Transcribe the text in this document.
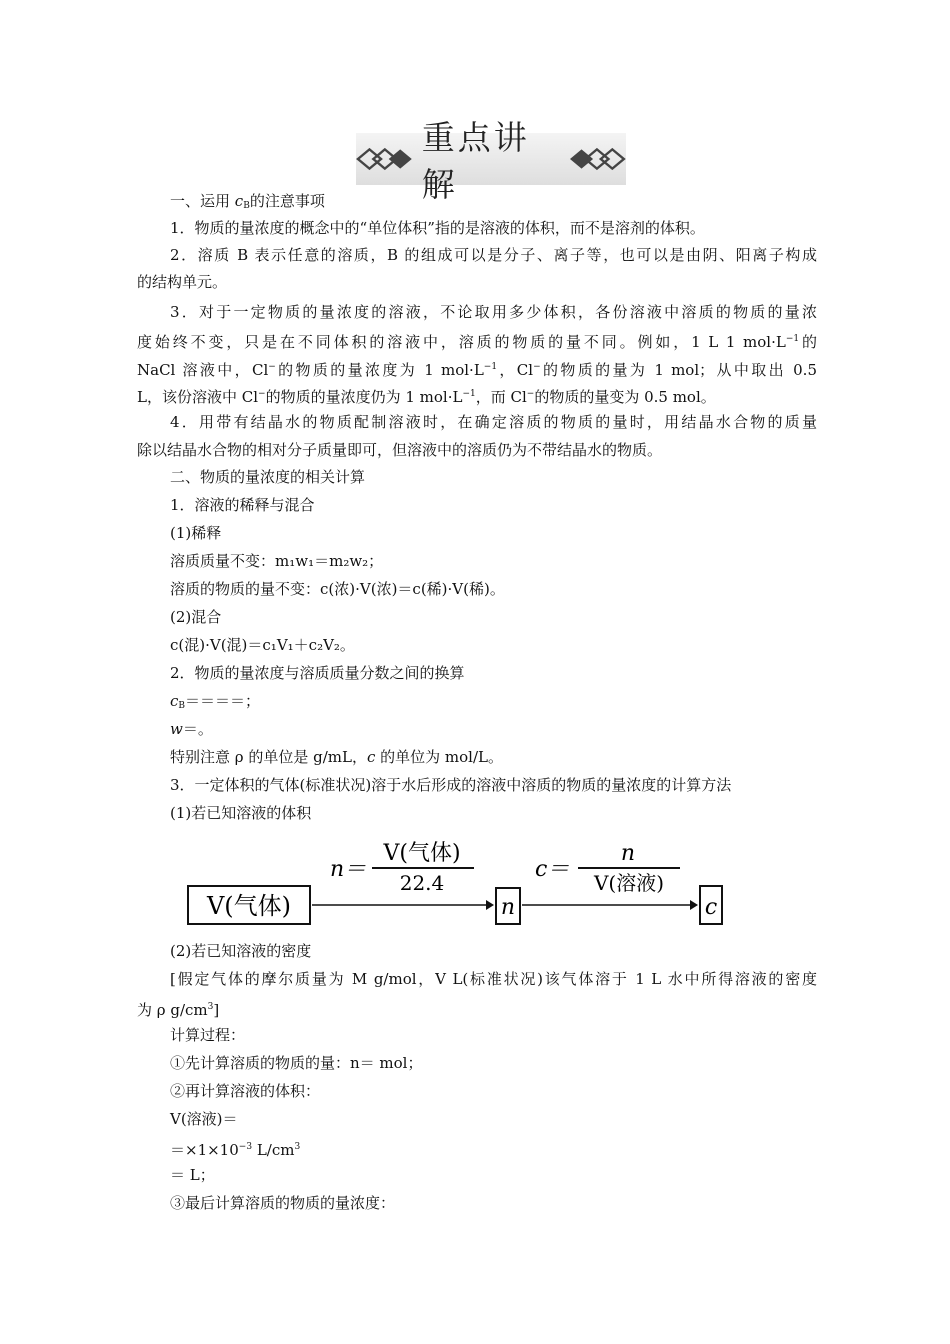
重点讲解
一、运用 $c_B$的注意事项
1．物质的量浓度的概念中的“单位体积”指的是溶液的体积，而不是溶剂的体积。
2．溶质 B 表示任意的溶质，B 的组成可以是分子、离子等，也可以是由阴、阳离子构成
的结构单元。
3．对于一定物质的量浓度的溶液，不论取用多少体积，各份溶液中溶质的物质的量浓
度始终不变，只是在不同体积的溶液中，溶质的物质的量不同。例如，1 L 1 $mol\cdot L^{-1}$的
NaCl 溶液中，Cl−的物质的量浓度为 1 $mol\cdot L^{-1}$，Cl−的物质的量为 1 mol；从中取出 0.5
L，该份溶液中 Cl−的物质的量浓度仍为 1 $mol\cdot L^{-1}$，而 Cl−的物质的量变为 0.5 mol。
4．用带有结晶水的物质配制溶液时，在确定溶质的物质的量时，用结晶水合物的质量
除以结晶水合物的相对分子质量即可，但溶液中的溶质仍为不带结晶水的物质。
二、物质的量浓度的相关计算
1．溶液的稀释与混合
(1)稀释
溶质质量不变：m₁w₁＝m₂w₂；
溶质的物质的量不变：c(浓)·V(浓)＝c(稀)·V(稀)。
(2)混合
c(混)·V(混)＝c₁V₁＋c₂V₂。
2．物质的量浓度与溶质质量分数之间的换算
$c_B====$；
w＝。
特别注意 ρ 的单位是 g/mL，c 的单位为 mol/L。
3．一定体积的气体(标准状况)溶于水后形成的溶液中溶质的物质的量浓度的计算方法
(1)若已知溶液的体积
V(气体)
n＝
V(气体)
22.4
n
c＝
n
V(溶液)
c
(2)若已知溶液的密度
[假定气体的摩尔质量为 M g/mol，V L(标准状况)该气体溶于 1 L 水中所得溶液的密度
为 ρ $g/cm^3$]
计算过程：
①先计算溶质的物质的量：n＝ mol；
②再计算溶液的体积：
V(溶液)＝
$=\times 1\times 10^{-3}$ $L/cm^3$
＝ L；
③最后计算溶质的物质的量浓度：
